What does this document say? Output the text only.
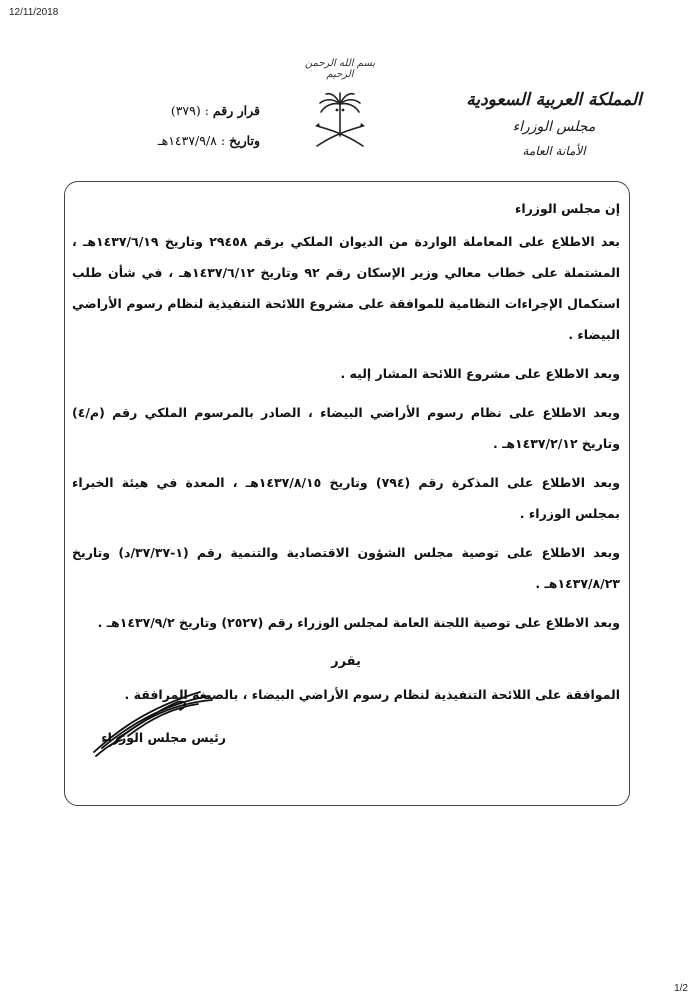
12/11/2018
بسم الله الرحمن الرحيم
قرار رقم : (٣٧٩)
وتاريخ : ١٤٣٧/٩/٨هـ
المملكة العربية السعودية
مجلس الوزراء
الأمانة العامة

إن مجلس الوزراء

بعد الاطلاع على المعاملة الواردة من الديوان الملكي برقم ٢٩٤٥٨ وتاريخ ١٤٣٧/٦/١٩هـ ، المشتملة على خطاب معالي وزير الإسكان رقم ٩٢ وتاريخ ١٤٣٧/٦/١٢هـ ، في شأن طلب استكمال الإجراءات النظامية للموافقة على مشروع اللائحة التنفيذية لنظام رسوم الأراضي البيضاء .

وبعد الاطلاع على مشروع اللائحة المشار إليه .

وبعد الاطلاع على نظام رسوم الأراضي البيضاء ، الصادر بالمرسوم الملكي رقم (م/٤) وتاريخ ١٤٣٧/٢/١٢هـ .

وبعد الاطلاع على المذكرة رقم (٧٩٤) وتاريخ ١٤٣٧/٨/١٥هـ ، المعدة في هيئة الخبراء بمجلس الوزراء .

وبعد الاطلاع على توصية مجلس الشؤون الاقتصادية والتنمية رقم (١-٣٧/٣٧/د) وتاريخ ١٤٣٧/٨/٢٣هـ .

وبعد الاطلاع على توصية اللجنة العامة لمجلس الوزراء رقم (٢٥٢٧) وتاريخ ١٤٣٧/٩/٢هـ .

يقرر

الموافقة على اللائحة التنفيذية لنظام رسوم الأراضي البيضاء ، بالصيغة المرافقة .

رئيس مجلس الوزراء
1/2
